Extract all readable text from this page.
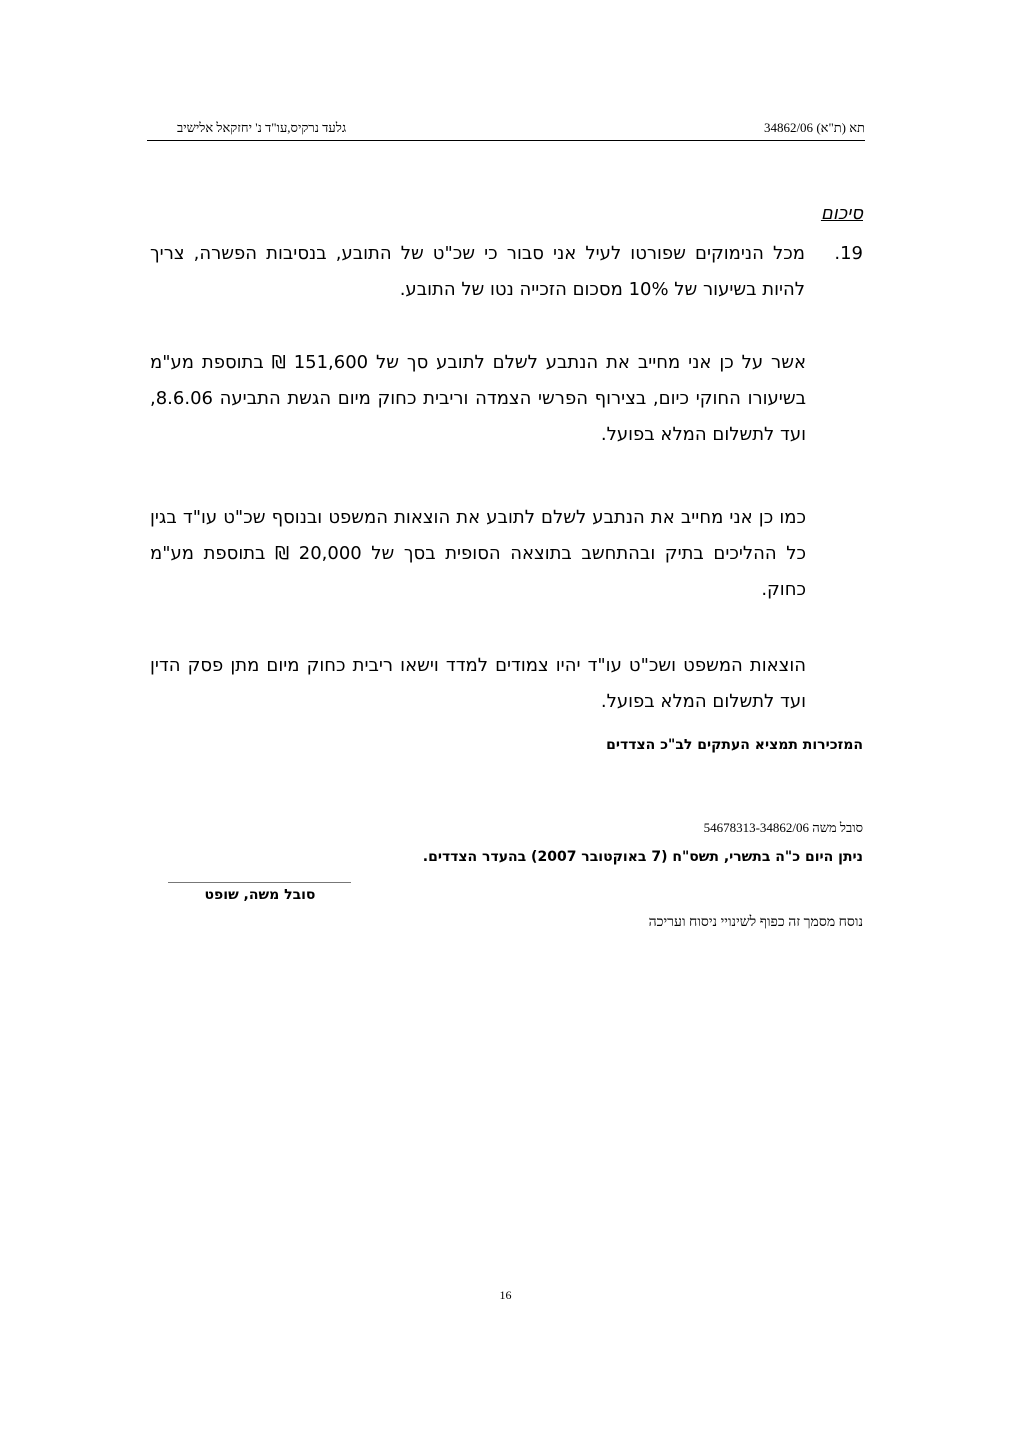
תא (ת"א) 34862/06
גלעד נרקיס,עו"ד נ' יחזקאל אלישיב
סיכום
19.
מכל הנימוקים שפורטו לעיל אני סבור כי שכ"ט של התובע, בנסיבות הפשרה, צריך להיות בשיעור של 10% מסכום הזכייה נטו של התובע.
אשר על כן אני מחייב את הנתבע לשלם לתובע סך של 151,600 ₪ בתוספת מע"מ בשיעורו החוקי כיום, בצירוף הפרשי הצמדה וריבית כחוק מיום הגשת התביעה 8.6.06, ועד לתשלום המלא בפועל.
כמו כן אני מחייב את הנתבע לשלם לתובע את הוצאות המשפט ובנוסף שכ"ט עו"ד בגין כל ההליכים בתיק ובהתחשב בתוצאה הסופית בסך של 20,000 ₪ בתוספת מע"מ כחוק.
הוצאות המשפט ושכ"ט עו"ד יהיו צמודים למדד וישאו ריבית כחוק מיום מתן פסק הדין ועד לתשלום המלא בפועל.
המזכירות תמציא העתקים לב"כ הצדדים
סובל משה 54678313-34862/06
ניתן היום כ"ה בתשרי, תשס"ח (7 באוקטובר 2007) בהעדר הצדדים.
סובל משה, שופט
נוסח מסמך זה כפוף לשינויי ניסוח ועריכה
16
